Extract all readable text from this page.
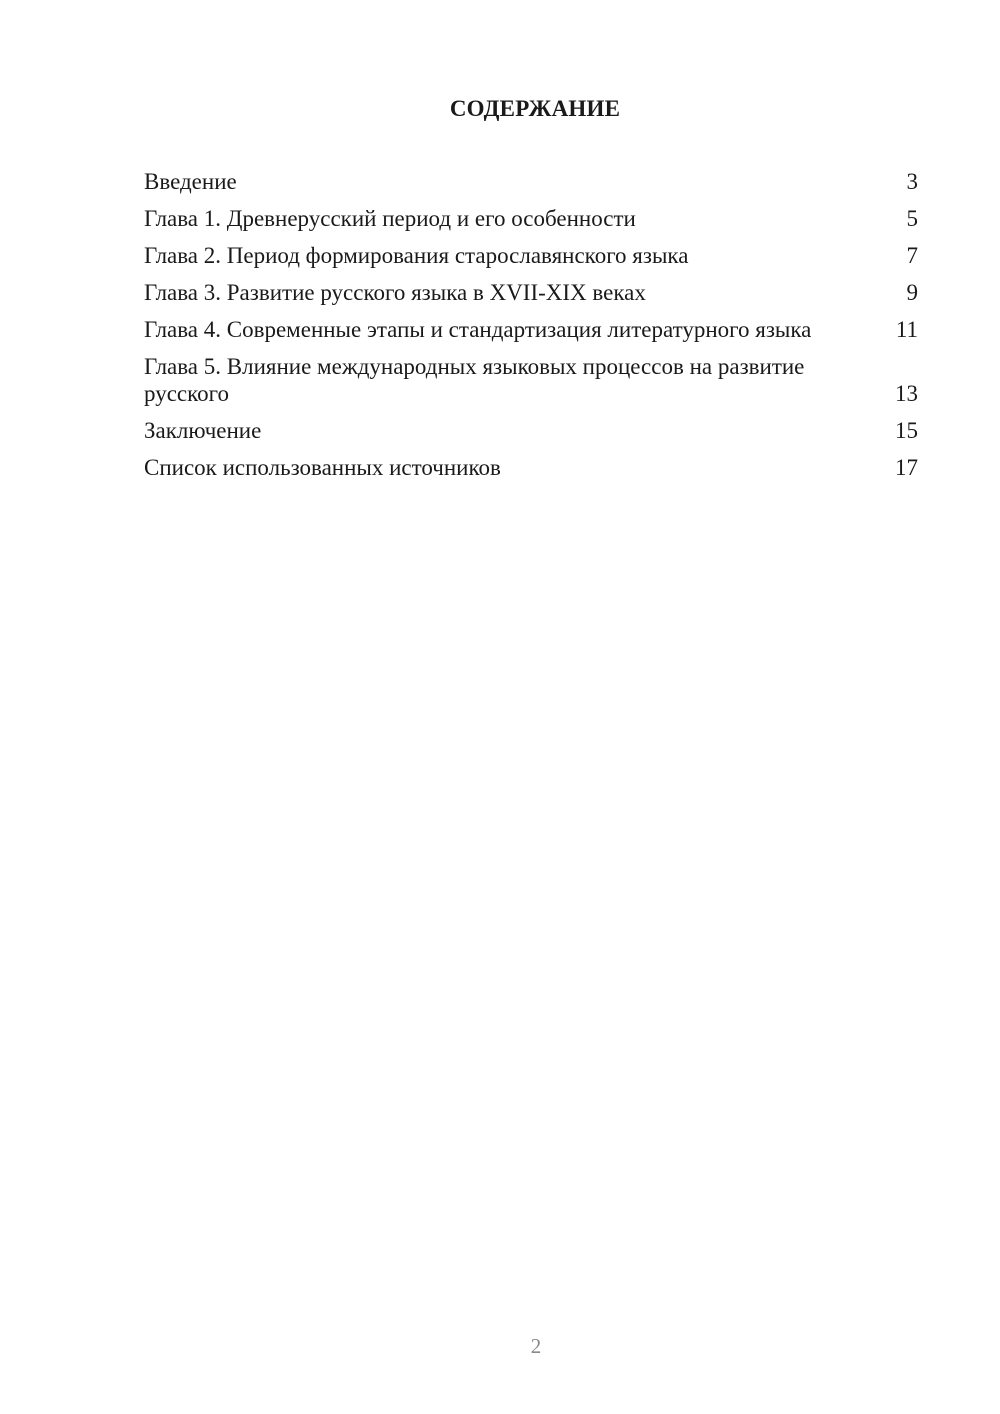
СОДЕРЖАНИЕ
Введение	3
Глава 1. Древнерусский период и его особенности	5
Глава 2. Период формирования старославянского языка	7
Глава 3. Развитие русского языка в XVII-XIX веках	9
Глава 4. Современные этапы и стандартизация литературного языка	11
Глава 5. Влияние международных языковых процессов на развитие русского	13
Заключение	15
Список использованных источников	17
2
